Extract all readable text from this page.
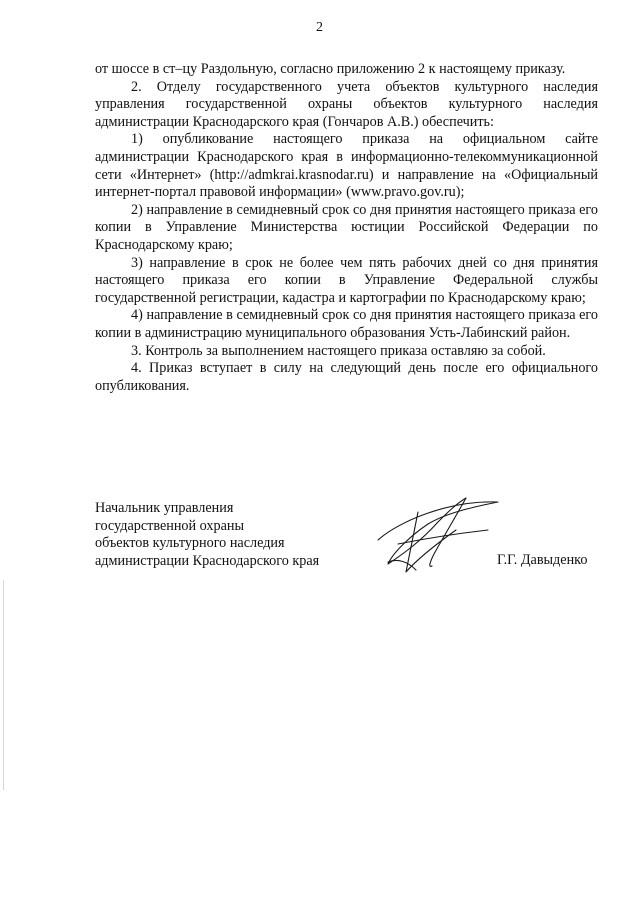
2

от шоссе в ст–цу Раздольную, согласно приложению 2 к настоящему приказу.

2. Отделу государственного учета объектов культурного наследия управления государственной охраны объектов культурного наследия администрации Краснодарского края (Гончаров А.В.) обеспечить:

1) опубликование настоящего приказа на официальном сайте администрации Краснодарского края в информационно-телекоммуникационной сети «Интернет» (http://admkrai.krasnodar.ru) и направление на «Официальный интернет-портал правовой информации» (www.pravo.gov.ru);

2) направление в семидневный срок со дня принятия настоящего приказа его копии в Управление Министерства юстиции Российской Федерации по Краснодарскому краю;

3) направление в срок не более чем пять рабочих дней со дня принятия настоящего приказа его копии в Управление Федеральной службы государственной регистрации, кадастра и картографии по Краснодарскому краю;

4) направление в семидневный срок со дня принятия настоящего приказа его копии в администрацию муниципального образования Усть-Лабинский район.

3. Контроль за выполнением настоящего приказа оставляю за собой.

4. Приказ вступает в силу на следующий день после его официального опубликования.

Начальник управления
государственной охраны
объектов культурного наследия
администрации Краснодарского края	Г.Г. Давыденко
